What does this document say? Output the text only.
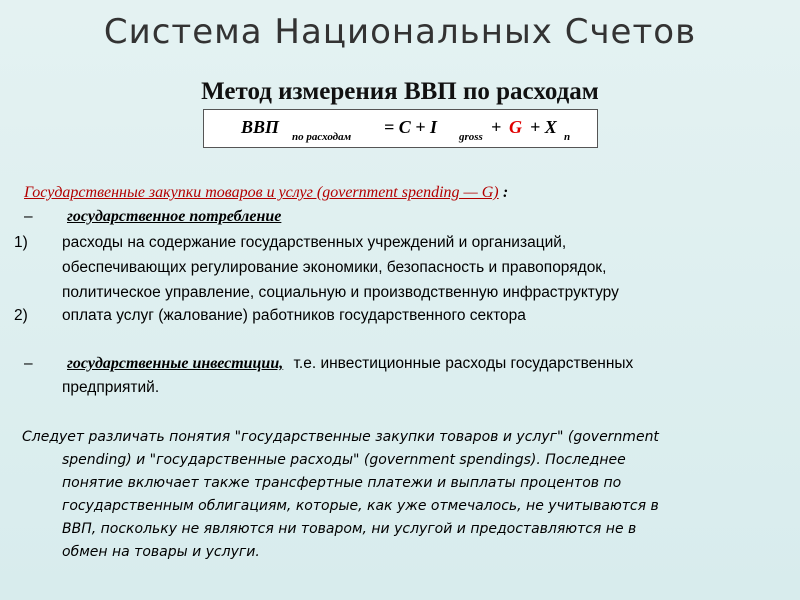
Система Национальных Счетов
Метод измерения ВВП по расходам
ВВП по расходам = C + I gross + G + X n
Государственные закупки товаров и услуг (government spending — G) :
– государственное потребление
1) расходы на содержание государственных учреждений и организаций,
обеспечивающих регулирование экономики, безопасность и правопорядок,
политическое управление, социальную и производственную инфраструктуру
2) оплата услуг (жалование) работников государственного сектора
– государственные инвестиции, т.е. инвестиционные расходы государственных
предприятий.
Следует различать понятия "государственные закупки товаров и услуг" (government
spending) и "государственные расходы" (government spendings). Последнее
понятие включает также трансфертные платежи и выплаты процентов по
государственным облигациям, которые, как уже отмечалось, не учитываются в
ВВП, поскольку не являются ни товаром, ни услугой и предоставляются не в
обмен на товары и услуги.
